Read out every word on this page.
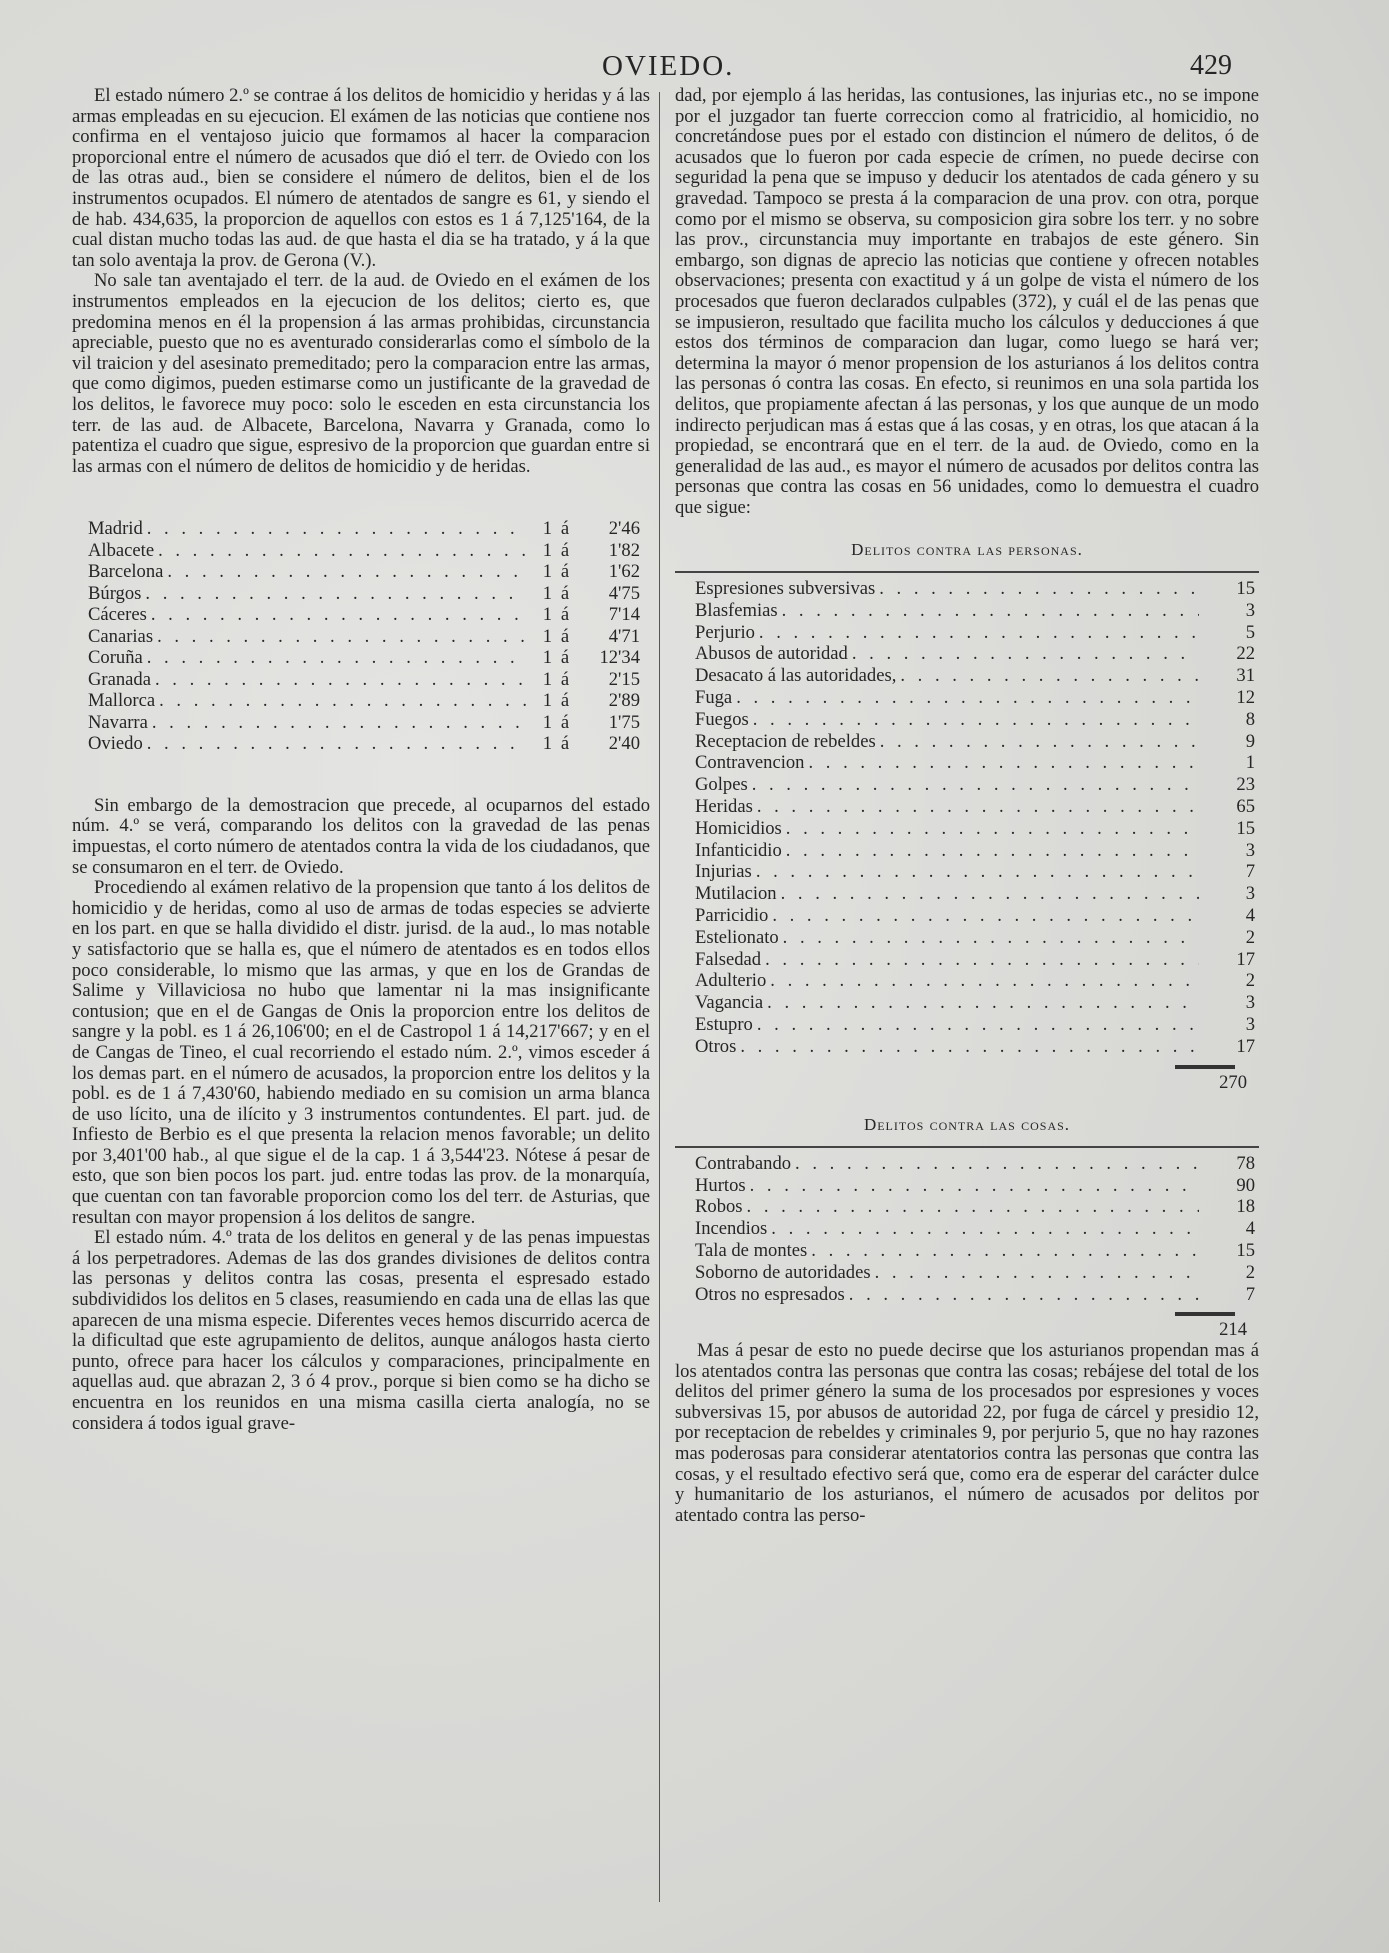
OVIEDO.	429

El estado número 2.º se contrae á los delitos de homicidio y heridas y á las armas empleadas en su ejecucion. El exámen de las noticias que contiene nos confirma en el ventajoso juicio que formamos al hacer la comparacion proporcional entre el número de acusados que dió el terr. de Oviedo con los de las otras aud., bien se considere el número de delitos, bien el de los instrumentos ocupados. El número de atentados de sangre es 61, y siendo el de hab. 434,635, la proporcion de aquellos con estos es 1 á 7,125'164, de la cual distan mucho todas las aud. de que hasta el dia se ha tratado, y á la que tan solo aventaja la prov. de Gerona (V.).

No sale tan aventajado el terr. de la aud. de Oviedo en el exámen de los instrumentos empleados en la ejecucion de los delitos; cierto es, que predomina menos en él la propension á las armas prohibidas, circunstancia apreciable, puesto que no es aventurado considerarlas como el símbolo de la vil traicion y del asesinato premeditado; pero la comparacion entre las armas, que como digimos, pueden estimarse como un justificante de la gravedad de los delitos, le favorece muy poco: solo le esceden en esta circunstancia los terr. de las aud. de Albacete, Barcelona, Navarra y Granada, como lo patentiza el cuadro que sigue, espresivo de la proporcion que guardan entre si las armas con el número de delitos de homicidio y de heridas.

Madrid . . .	1 á	2'46
Albacete . . .	1 á	1'82
Barcelona . . .	1 á	1'62
Búrgos . . .	1 á	4'75
Cáceres . . .	1 á	7'14
Canarias . . .	1 á	4'71
Coruña . . .	1 á	12'34
Granada . . .	1 á	2'15
Mallorca . . .	1 á	2'89
Navarra . . .	1 á	1'75
Oviedo . . .	1 á	2'40

Sin embargo de la demostracion que precede, al ocuparnos del estado núm. 4.º se verá, comparando los delitos con la gravedad de las penas impuestas, el corto número de atentados contra la vida de los ciudadanos, que se consumaron en el terr. de Oviedo.

Procediendo al exámen relativo de la propension que tanto á los delitos de homicidio y de heridas, como al uso de armas de todas especies se advierte en los part. en que se halla dividido el distr. jurisd. de la aud., lo mas notable y satisfactorio que se halla es, que el número de atentados es en todos ellos poco considerable, lo mismo que las armas, y que en los de Grandas de Salime y Villaviciosa no hubo que lamentar ni la mas insignificante contusion; que en el de Gangas de Onis la proporcion entre los delitos de sangre y la pobl. es 1 á 26,106'00; en el de Castropol 1 á 14,217'667; y en el de Cangas de Tineo, el cual recorriendo el estado núm. 2.º, vimos esceder á los demas part. en el número de acusados, la proporcion entre los delitos y la pobl. es de 1 á 7,430'60, habiendo mediado en su comision un arma blanca de uso lícito, una de ilícito y 3 instrumentos contundentes. El part. jud. de Infiesto de Berbio es el que presenta la relacion menos favorable; un delito por 3,401'00 hab., al que sigue el de la cap. 1 á 3,544'23. Nótese á pesar de esto, que son bien pocos los part. jud. entre todas las prov. de la monarquía, que cuentan con tan favorable proporcion como los del terr. de Asturias, que resultan con mayor propension á los delitos de sangre.

El estado núm. 4.º trata de los delitos en general y de las penas impuestas á los perpetradores. Ademas de las dos grandes divisiones de delitos contra las personas y delitos contra las cosas, presenta el espresado estado subdivididos los delitos en 5 clases, reasumiendo en cada una de ellas las que aparecen de una misma especie. Diferentes veces hemos discurrido acerca de la dificultad que este agrupamiento de delitos, aunque análogos hasta cierto punto, ofrece para hacer los cálculos y comparaciones, principalmente en aquellas aud. que abrazan 2, 3 ó 4 prov., porque si bien como se ha dicho se encuentra en los reunidos en una misma casilla cierta analogía, no se considera á todos igual grave-

dad, por ejemplo á las heridas, las contusiones, las injurias etc., no se impone por el juzgador tan fuerte correccion como al fratricidio, al homicidio, no concretándose pues por el estado con distincion el número de delitos, ó de acusados que lo fueron por cada especie de crímen, no puede decirse con seguridad la pena que se impuso y deducir los atentados de cada género y su gravedad. Tampoco se presta á la comparacion de una prov. con otra, porque como por el mismo se observa, su composicion gira sobre los terr. y no sobre las prov., circunstancia muy importante en trabajos de este género. Sin embargo, son dignas de aprecio las noticias que contiene y ofrecen notables observaciones; presenta con exactitud y á un golpe de vista el número de los procesados que fueron declarados culpables (372), y cuál el de las penas que se impusieron, resultado que facilita mucho los cálculos y deducciones á que estos dos términos de comparacion dan lugar, como luego se hará ver; determina la mayor ó menor propension de los asturianos á los delitos contra las personas ó contra las cosas. En efecto, si reunimos en una sola partida los delitos, que propiamente afectan á las personas, y los que aunque de un modo indirecto perjudican mas á estas que á las cosas, y en otras, los que atacan á la propiedad, se encontrará que en el terr. de la aud. de Oviedo, como en la generalidad de las aud., es mayor el número de acusados por delitos contra las personas que contra las cosas en 56 unidades, como lo demuestra el cuadro que sigue:

Delitos contra las personas.
Espresiones subversivas . . .	15
Blasfemias . . .	3
Perjurio . . .	5
Abusos de autoridad . . .	22
Desacato á las autoridades, . . .	31
Fuga . . .	12
Fuegos . . .	8
Receptacion de rebeldes . . .	9
Contravencion . . .	1
Golpes . . .	23
Heridas . . .	65
Homicidios . . .	15
Infanticidio . . .	3
Injurias . . .	7
Mutilacion . . .	3
Parricidio . . .	4
Estelionato . . .	2
Falsedad . . .	17
Adulterio . . .	2
Vagancia . . .	3
Estupro . . .	3
Otros . . .	17
270
Delitos contra las cosas.
Contrabando . . .	78
Hurtos . . .	90
Robos . . .	18
Incendios . . .	4
Tala de montes . . .	15
Soborno de autoridades . . .	2
Otros no espresados . . .	7
214

Mas á pesar de esto no puede decirse que los asturianos propendan mas á los atentados contra las personas que contra las cosas; rebájese del total de los delitos del primer género la suma de los procesados por espresiones y voces subversivas 15, por abusos de autoridad 22, por fuga de cárcel y presidio 12, por receptacion de rebeldes y criminales 9, por perjurio 5, que no hay razones mas poderosas para considerar atentatorios contra las personas que contra las cosas, y el resultado efectivo será que, como era de esperar del carácter dulce y humanitario de los asturianos, el número de acusados por delitos por atentado contra las perso-
